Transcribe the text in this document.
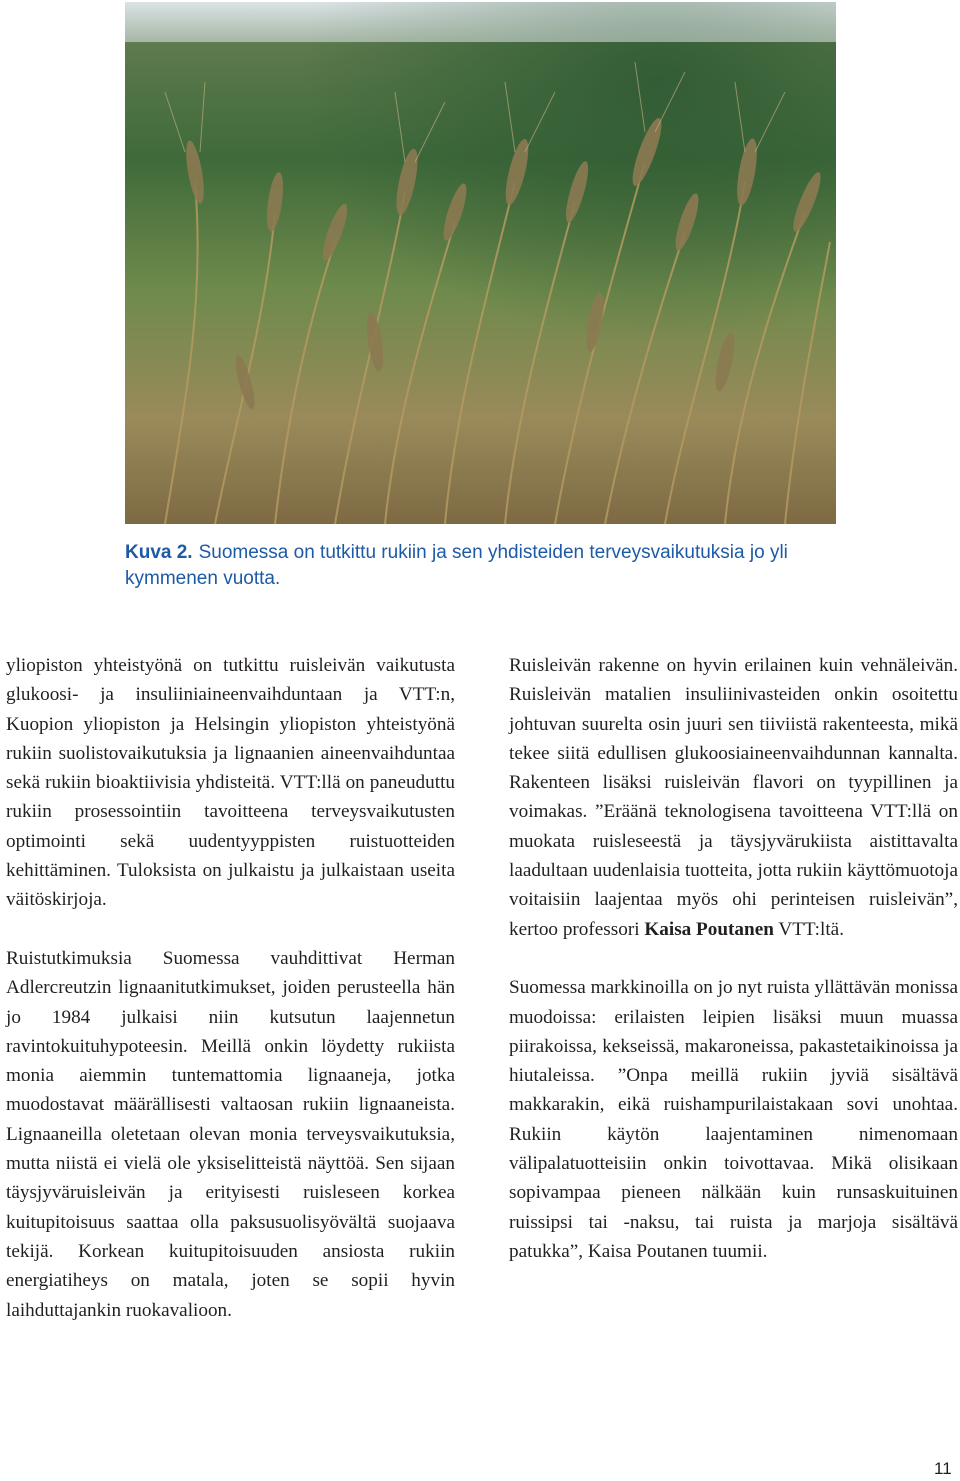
Kuva 2. Suomessa on tutkittu rukiin ja sen yhdisteiden terveysvaikutuksia jo yli kymmenen vuotta.

yliopiston yhteistyönä on tutkittu ruisleivän vaikutusta glukoosi- ja insuliiniaineenvaihduntaan ja VTT:n, Kuopion yliopiston ja Helsingin yliopiston yhteistyönä rukiin suolistovaikutuksia ja lignaanien aineenvaihduntaa sekä rukiin bioaktiivisia yhdisteitä. VTT:llä on paneuduttu rukiin prosessointiin tavoitteena terveysvaikutusten optimointi sekä uudentyyppisten ruistuotteiden kehittäminen. Tuloksista on julkaistu ja julkaistaan useita väitöskirjoja.

Ruistutkimuksia Suomessa vauhdittivat Herman Adlercreutzin lignaanitutkimukset, joiden perusteella hän jo 1984 julkaisi niin kutsutun laajennetun ravintokuituhypoteesin. Meillä onkin löydetty rukiista monia aiemmin tuntemattomia lignaaneja, jotka muodostavat määrällisesti valtaosan rukiin lignaaneista. Lignaaneilla oletetaan olevan monia terveysvaikutuksia, mutta niistä ei vielä ole yksiselitteistä näyttöä. Sen sijaan täysjyväruisleivän ja erityisesti ruisleseen korkea kuitupitoisuus saattaa olla paksusuolisyövältä suojaava tekijä. Korkean kuitupitoisuuden ansiosta rukiin energiatiheys on matala, joten se sopii hyvin laihduttajankin ruokavalioon.

Ruisleivän rakenne on hyvin erilainen kuin vehnäleivän. Ruisleivän matalien insuliinivasteiden onkin osoitettu johtuvan suurelta osin juuri sen tiiviistä rakenteesta, mikä tekee siitä edullisen glukoosiaineenvaihdunnan kannalta. Rakenteen lisäksi ruisleivän flavori on tyypillinen ja voimakas. ”Eräänä teknologisena tavoitteena VTT:llä on muokata ruisleseestä ja täysjyvärukiista aistittavalta laadultaan uudenlaisia tuotteita, jotta rukiin käyttömuotoja voitaisiin laajentaa myös ohi perinteisen ruisleivän”, kertoo professori Kaisa Poutanen VTT:ltä.

Suomessa markkinoilla on jo nyt ruista yllättävän monissa muodoissa: erilaisten leipien lisäksi muun muassa piirakoissa, kekseissä, makaroneissa, pakastetaikinoissa ja hiutaleissa. ”Onpa meillä rukiin jyviä sisältävä makkarakin, eikä ruishampurilaistakaan sovi unohtaa. Rukiin käytön laajentaminen nimenomaan välipalatuotteisiin onkin toivottavaa. Mikä olisikaan sopivampaa pieneen nälkään kuin runsaskuituinen ruissipsi tai -naksu, tai ruista ja marjoja sisältävä patukka”, Kaisa Poutanen tuumii.

11
